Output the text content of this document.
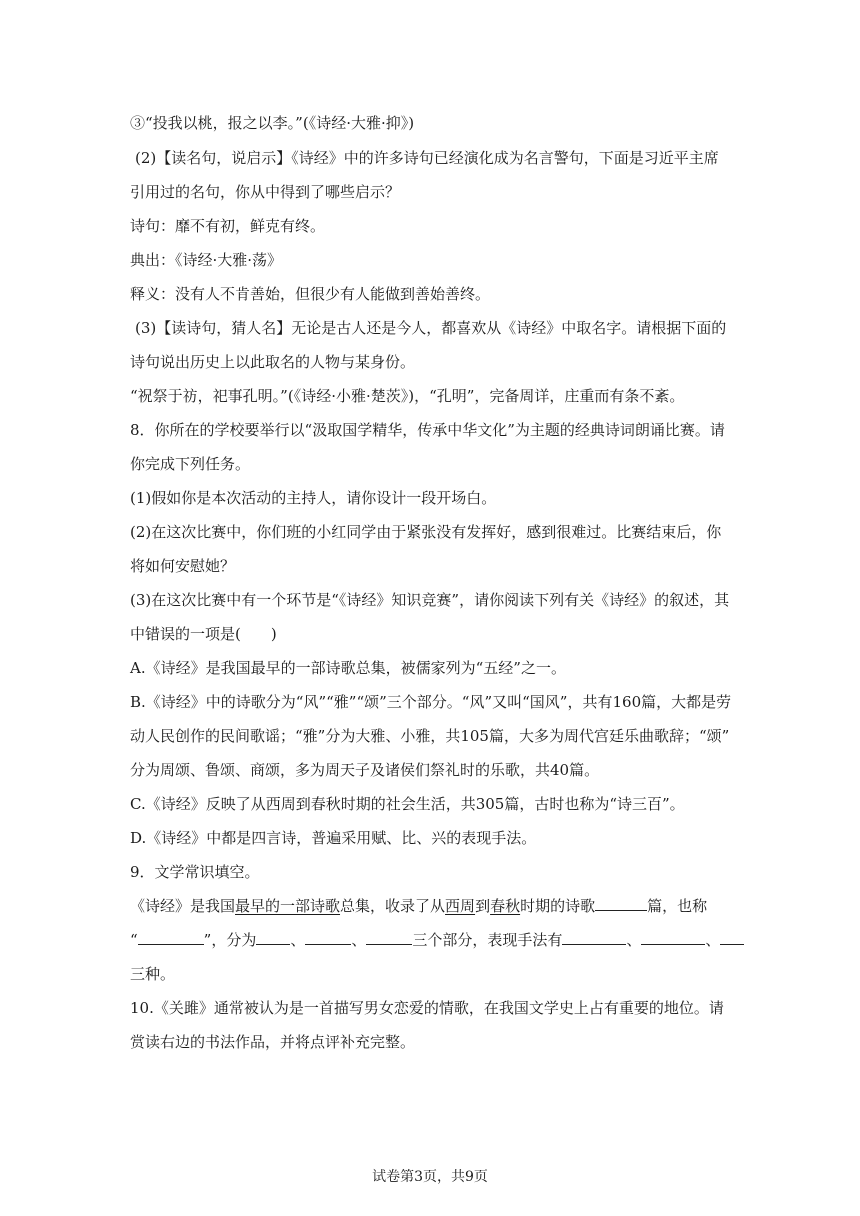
③“投我以桃，报之以李。”(《诗经·大雅·抑》)
(2)【读名句，说启示】《诗经》中的许多诗句已经演化成为名言警句，下面是习近平主席
引用过的名句，你从中得到了哪些启示？
诗句：靡不有初，鲜克有终。
典出：《诗经·大雅·荡》
释义：没有人不肯善始，但很少有人能做到善始善终。
(3)【读诗句，猜人名】无论是古人还是今人，都喜欢从《诗经》中取名字。请根据下面的
诗句说出历史上以此取名的人物与某身份。
“祝祭于祊，祀事孔明。”(《诗经·小雅·楚茨》)，“孔明”，完备周详，庄重而有条不紊。
8．你所在的学校要举行以“汲取国学精华，传承中华文化”为主题的经典诗词朗诵比赛。请
你完成下列任务。
(1)假如你是本次活动的主持人，请你设计一段开场白。
(2)在这次比赛中，你们班的小红同学由于紧张没有发挥好，感到很难过。比赛结束后，你
将如何安慰她？
(3)在这次比赛中有一个环节是“《诗经》知识竞赛”，请你阅读下列有关《诗经》的叙述，其
中错误的一项是(　　)
A.《诗经》是我国最早的一部诗歌总集，被儒家列为“五经”之一。
B.《诗经》中的诗歌分为“风”“雅”“颂”三个部分。“风”又叫“国风”，共有160篇，大都是劳
动人民创作的民间歌谣；“雅”分为大雅、小雅，共105篇，大多为周代宫廷乐曲歌辞；“颂”
分为周颂、鲁颂、商颂，多为周天子及诸侯们祭礼时的乐歌，共40篇。
C.《诗经》反映了从西周到春秋时期的社会生活，共305篇，古时也称为“诗三百”。
D.《诗经》中都是四言诗，普遍采用赋、比、兴的表现手法。
9．文学常识填空。
《诗经》是我国最早的一部诗歌总集，收录了从西周到春秋时期的诗歌	篇，也称
“	”，分为 、	、	三个部分，表现手法有	、	、
三种。
10.《关雎》通常被认为是一首描写男女恋爱的情歌，在我国文学史上占有重要的地位。请
赏读右边的书法作品，并将点评补充完整。
试卷第3页，共9页
